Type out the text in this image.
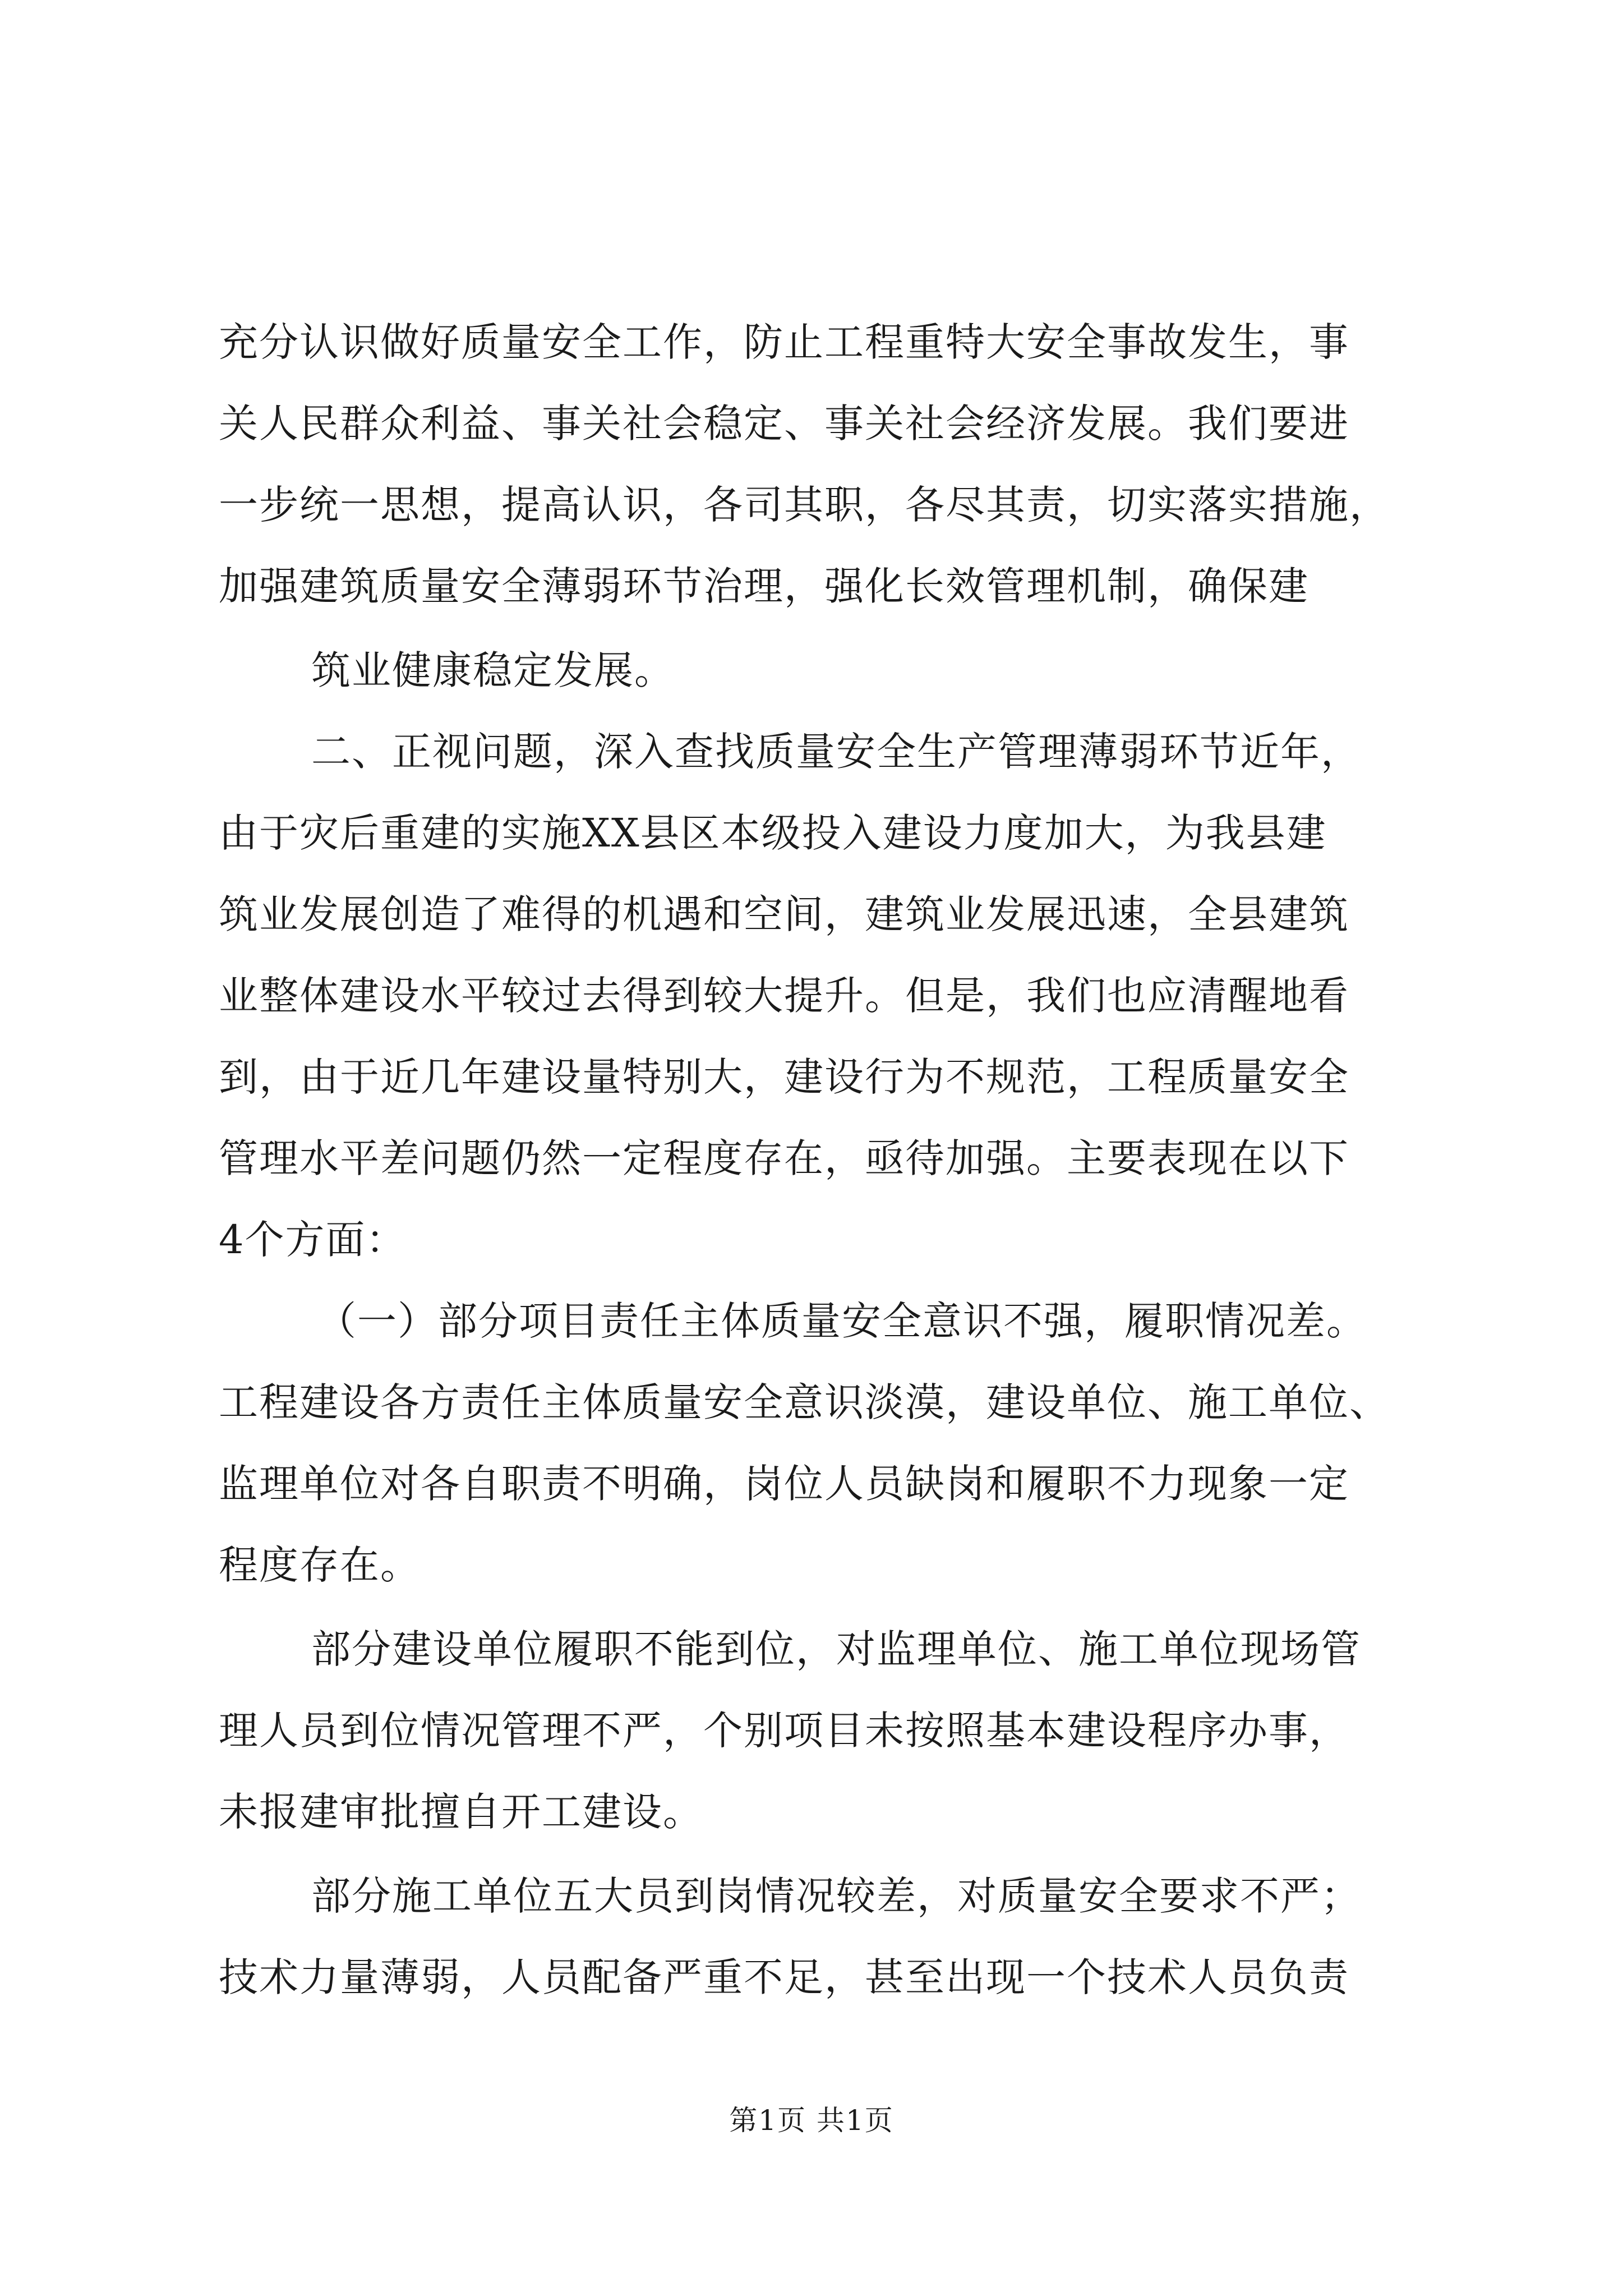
充分认识做好质量安全工作，防止工程重特大安全事故发生，事
关人民群众利益、事关社会稳定、事关社会经济发展。我们要进
一步统一思想，提高认识，各司其职，各尽其责，切实落实措施，
加强建筑质量安全薄弱环节治理，强化长效管理机制，确保建
筑业健康稳定发展。
二、正视问题，深入查找质量安全生产管理薄弱环节近年，
由于灾后重建的实施XX县区本级投入建设力度加大，为我县建
筑业发展创造了难得的机遇和空间，建筑业发展迅速，全县建筑
业整体建设水平较过去得到较大提升。但是，我们也应清醒地看
到，由于近几年建设量特别大，建设行为不规范，工程质量安全
管理水平差问题仍然一定程度存在，亟待加强。主要表现在以下
4个方面：
（一）部分项目责任主体质量安全意识不强，履职情况差。
工程建设各方责任主体质量安全意识淡漠，建设单位、施工单位、
监理单位对各自职责不明确，岗位人员缺岗和履职不力现象一定
程度存在。
部分建设单位履职不能到位，对监理单位、施工单位现场管
理人员到位情况管理不严，个别项目未按照基本建设程序办事，
未报建审批擅自开工建设。
部分施工单位五大员到岗情况较差，对质量安全要求不严；
技术力量薄弱，人员配备严重不足，甚至出现一个技术人员负责
第1页 共1页
